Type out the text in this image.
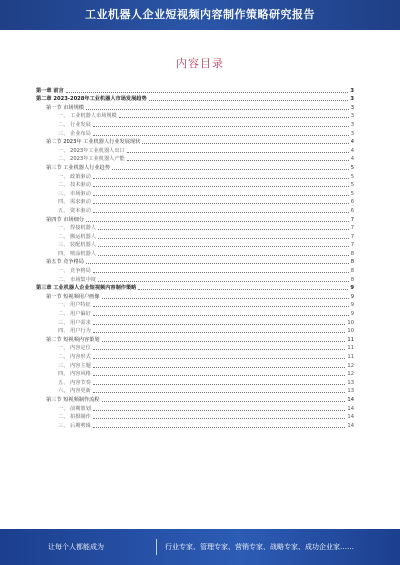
工业机器人企业短视频内容制作策略研究报告
内容目录
第一章 前言	3
第二章 2023-2028年工业机器人市场发展趋势	3
第一节 市场规模	3
一、 工业机器人市场规模	3
二、 行业发展	3
三、 企业布局	3
第二节 2023年 工业机器人行业发展现状	4
一、 2023年工业机器人出口	4
二、 2023年工业机器人产能	4
第三节 工业机器人行业趋势	5
一、 政策驱动	5
二、 技术驱动	5
三、 市场驱动	5
四、 需求驱动	6
五、 资本驱动	6
第四节 市场细分	7
一、 焊接机器人	7
二、 搬运机器人	7
三、 装配机器人	7
四、 喷涂机器人	8
第五节 竞争格局	8
一、 竞争格局	8
二、 市场集中度	8
第三章 工业机器人企业短视频内容制作策略	9
第一节 短视频用户画像	9
一、 用户特征	9
二、 用户偏好	9
三、 用户需求	10
四、 用户行为	10
第二节 短视频内容策划	11
一、 内容定位	11
二、 内容形式	11
三、 内容主题	12
四、 内容风格	12
五、 内容节奏	13
六、 内容更新	13
第三节 短视频制作流程	14
一、 前期策划	14
二、 拍摄制作	14
三、 后期剪辑	14
让每个人都能成为	行业专家、管理专家、营销专家、战略专家、成功企业家……
